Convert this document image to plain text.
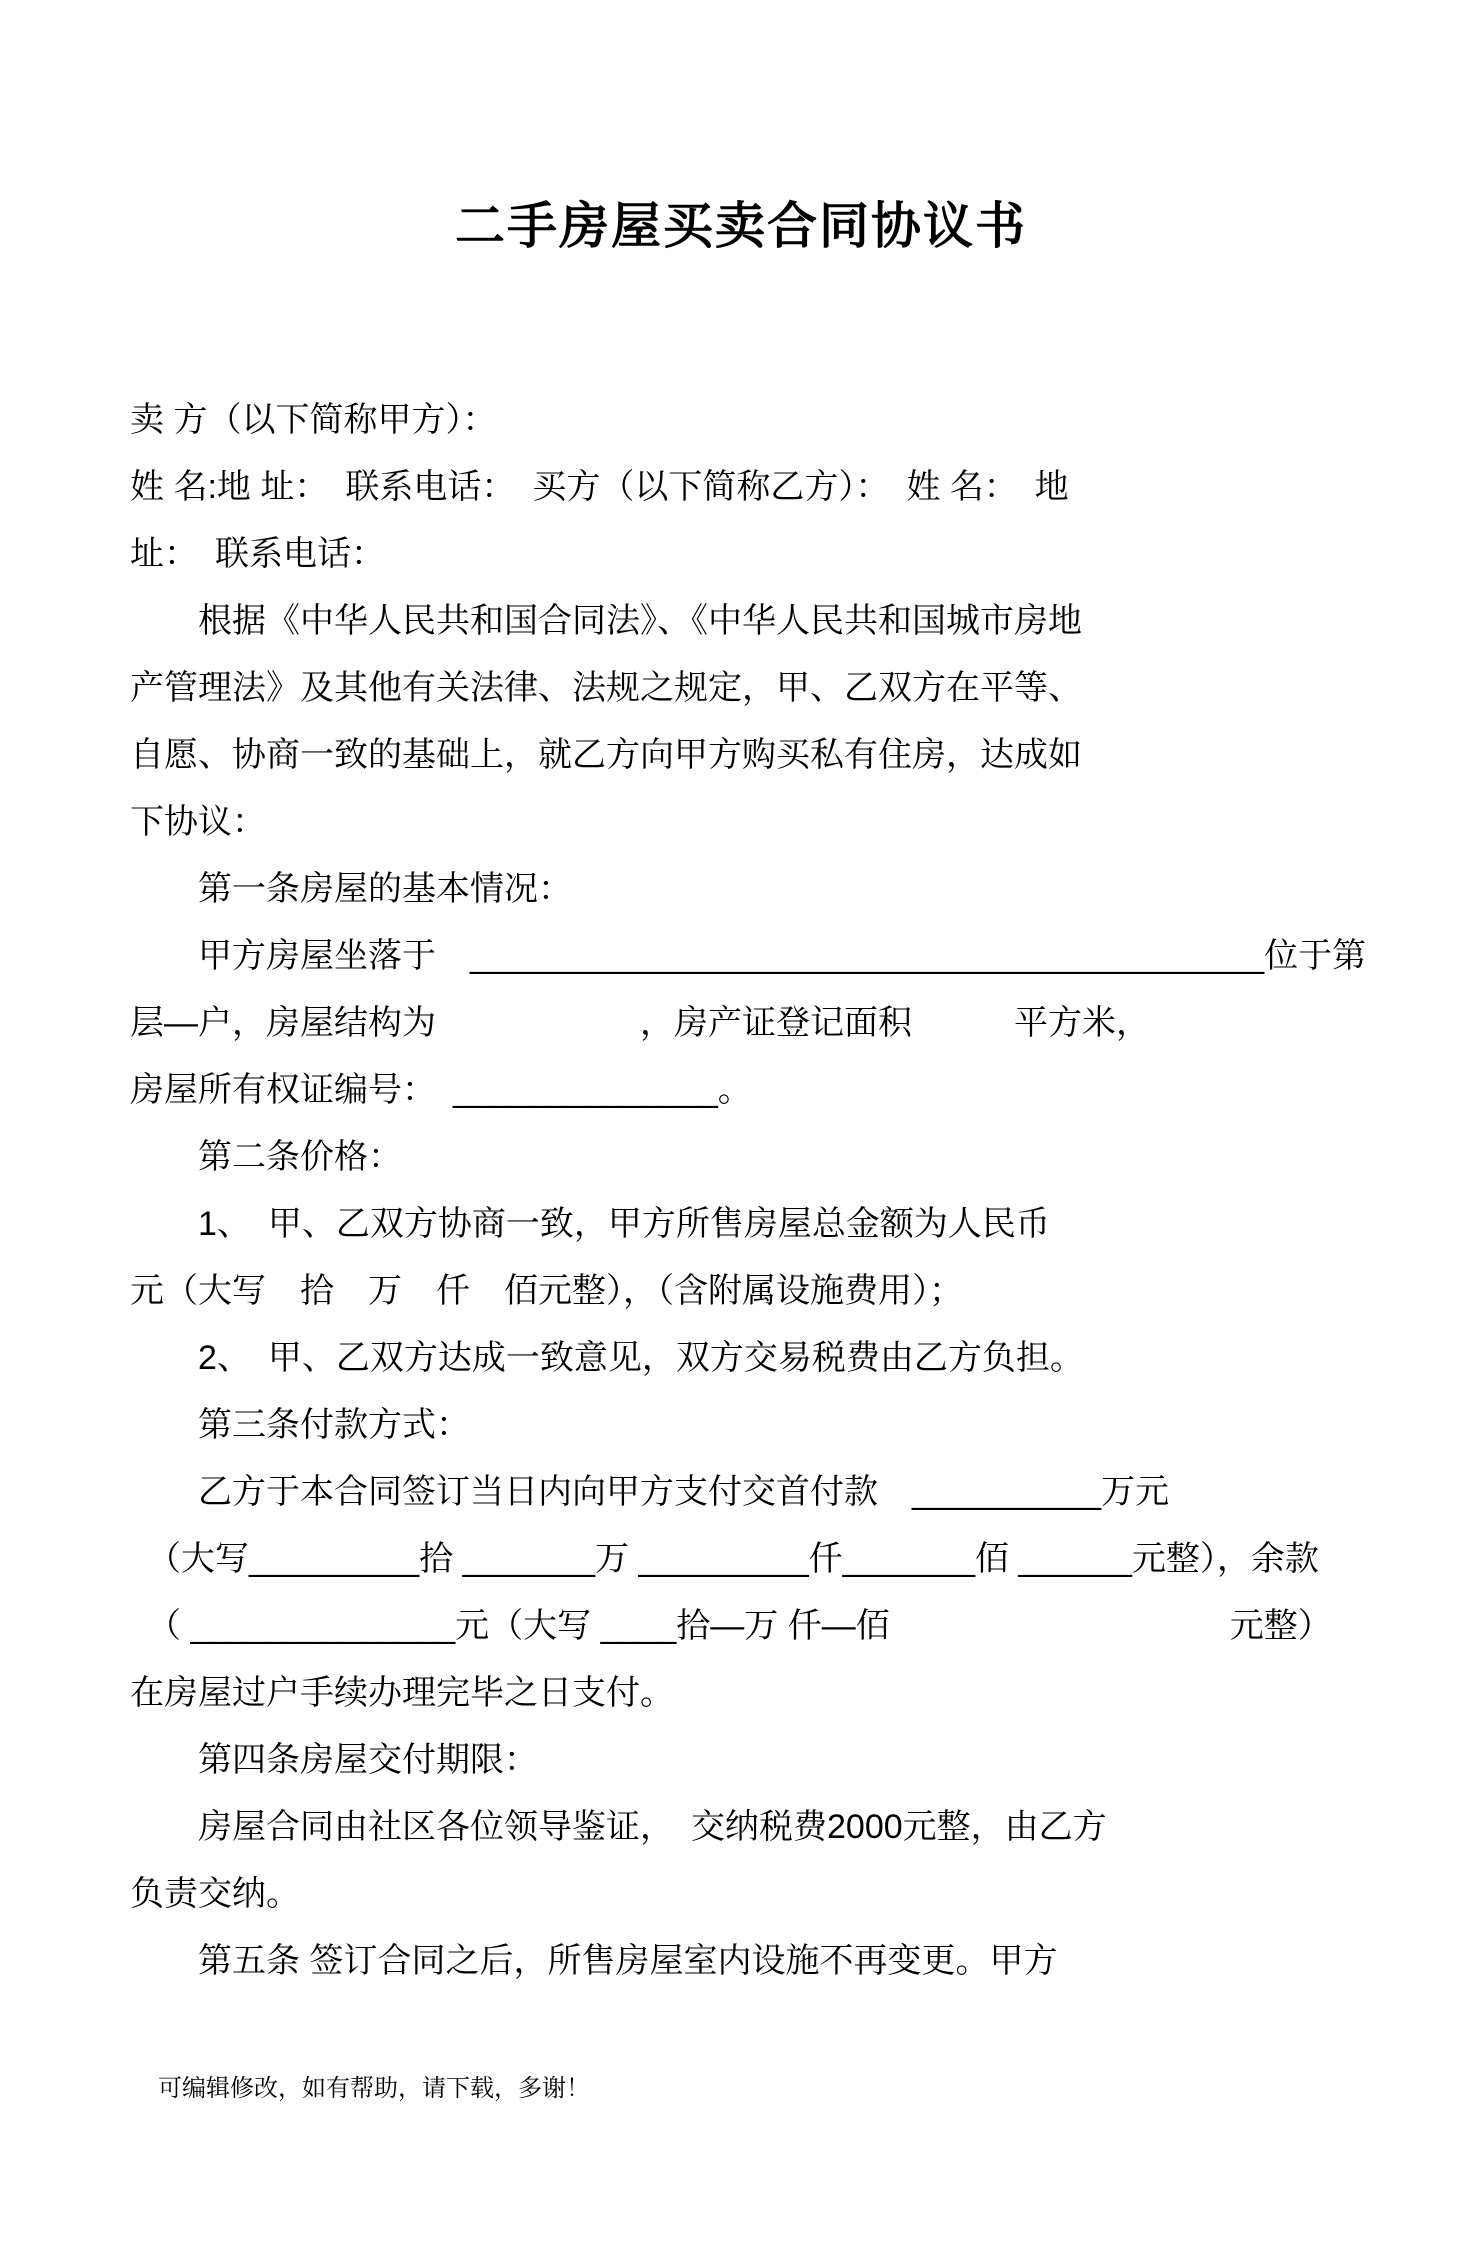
二手房屋买卖合同协议书

卖 方（以下简称甲方）：

姓 名:地 址：　联系电话：　买方（以下简称乙方）：　姓 名：　地

址：　联系电话：

根据《中华人民共和国合同法》、《中华人民共和国城市房地

产管理法》及其他有关法律、法规之规定，甲、乙双方在平等、

自愿、协商一致的基础上，就乙方向甲方购买私有住房，达成如

下协议：

第一条房屋的基本情况：

甲方房屋坐落于　__________________________________________位于第

层—户，房屋结构为　　　　　　，房产证登记面积　　　平方米，

房屋所有权证编号：　______________。

第二条价格：

1、　甲、乙双方协商一致，甲方所售房屋总金额为人民币

元（大写　拾　万　仟　佰元整），（含附属设施费用）；

2、　甲、乙双方达成一致意见，双方交易税费由乙方负担。

第三条付款方式：

乙方于本合同签订当日内向甲方支付交首付款　__________万元

（大写_________拾 _______万 _________仟_______佰 ______元整），余款

（ ______________元（大写 ____拾—万 仟—佰　　　　　　　　　　元整）

在房屋过户手续办理完毕之日支付。

第四条房屋交付期限：

房屋合同由社区各位领导鉴证，　交纳税费2000元整，由乙方

负责交纳。

第五条 签订合同之后，所售房屋室内设施不再变更。甲方

可编辑修改，如有帮助，请下载，多谢！
